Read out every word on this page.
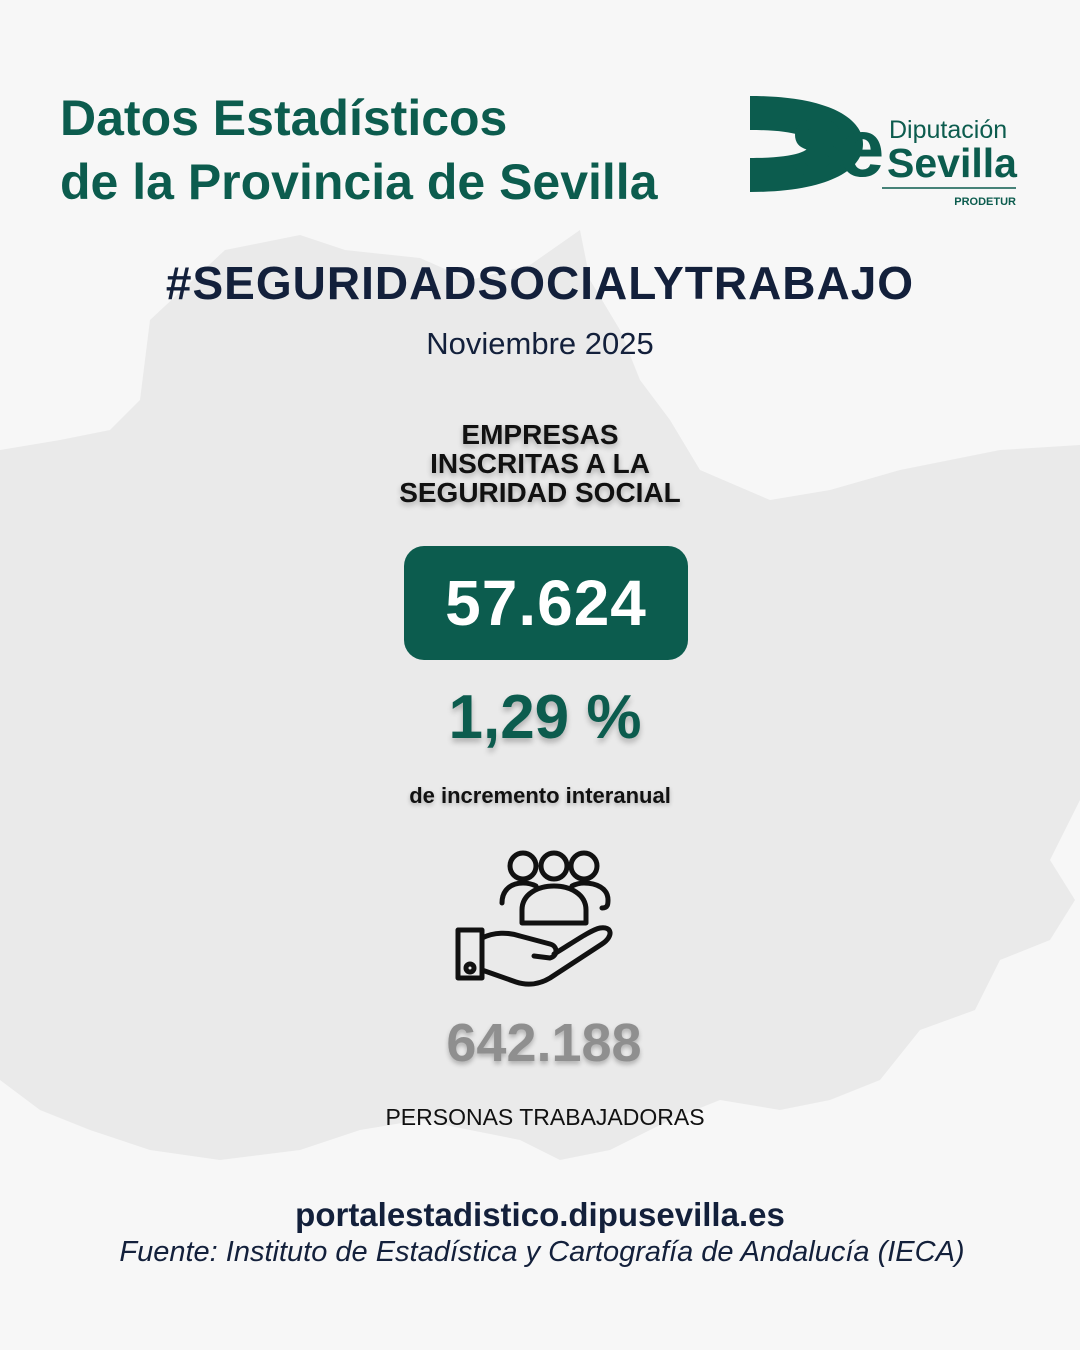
Datos Estadísticos
de la Provincia de Sevilla Se Diputación
Sevilla
PRODETUR
#SEGURIDADSOCIALYTRABAJO
Noviembre 2025
EMPRESAS
INSCRITAS A LA
SEGURIDAD SOCIAL
57.624
1,29 %
de incremento interanual
642.188
PERSONAS TRABAJADORAS
portalestadistico.dipusevilla.es
Fuente: Instituto de Estadística y Cartografía de Andalucía (IECA)
